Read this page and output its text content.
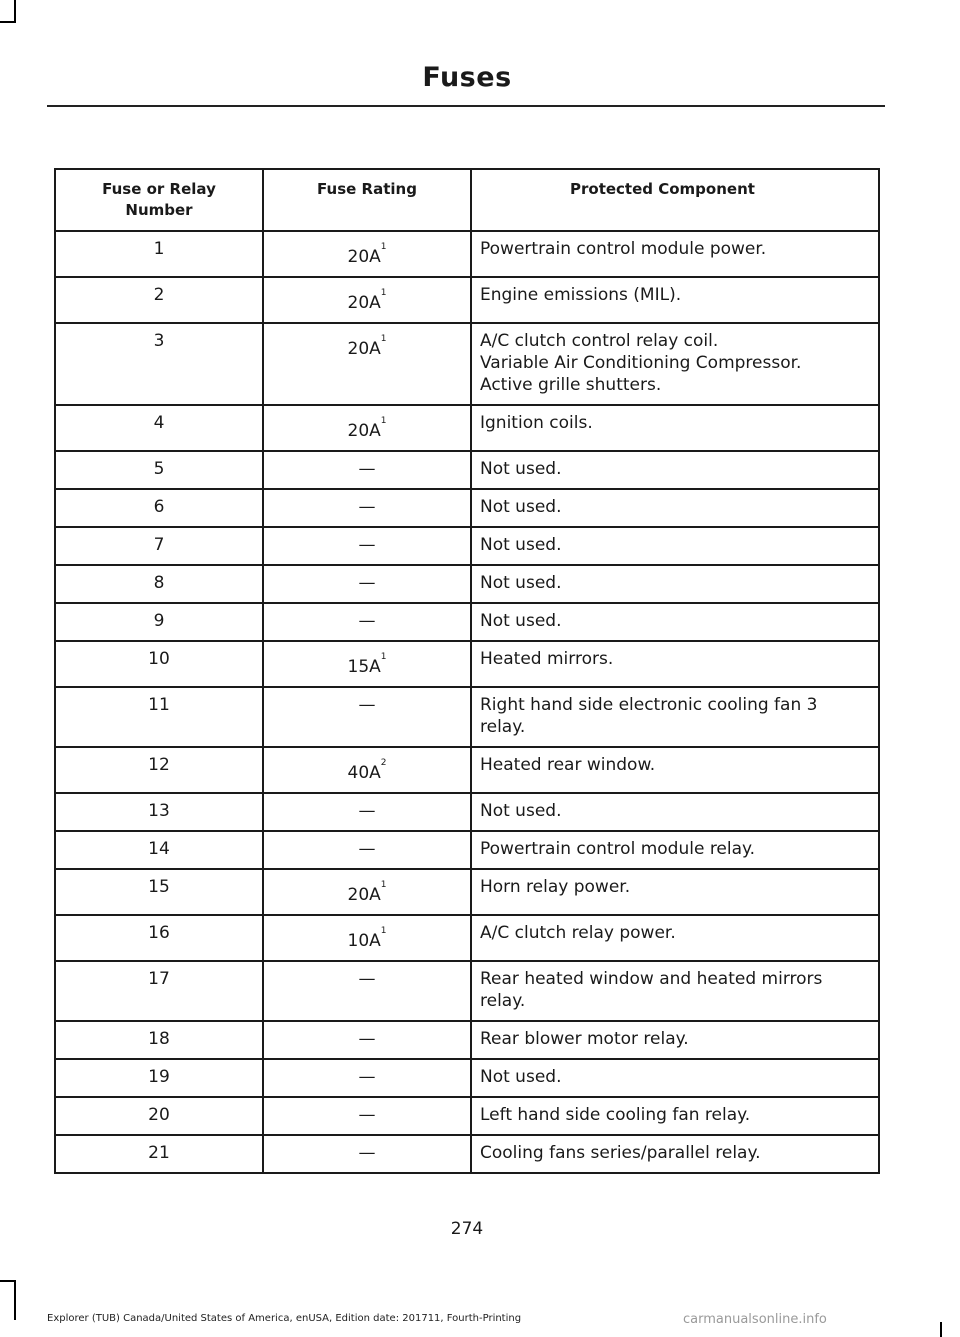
Fuses
Fuse or Relay Number	Fuse Rating	Protected Component
1	20A$^1$	Powertrain control module power.

2	20A$^1$	Engine emissions (MIL).

3	20A$^1$	A/C clutch control relay coil.
Variable Air Conditioning Compressor.
Active grille shutters.

4	20A$^1$	Ignition coils.

5	—	Not used.

6	—	Not used.

7	—	Not used.

8	—	Not used.

9	—	Not used.

10	15A$^1$	Heated mirrors.

11	—	Right hand side electronic cooling fan 3
relay.

12	40A$^2$	Heated rear window.

13	—	Not used.

14	—	Powertrain control module relay.

15	20A$^1$	Horn relay power.

16	10A$^1$	A/C clutch relay power.

17	—	Rear heated window and heated mirrors
relay.

18	—	Rear blower motor relay.

19	—	Not used.

20	—	Left hand side cooling fan relay.

21	—	Cooling fans series/parallel relay.
274
Explorer (TUB) Canada/United States of America, enUSA, Edition date: 201711, Fourth-Printing	carmanualsonline.info
